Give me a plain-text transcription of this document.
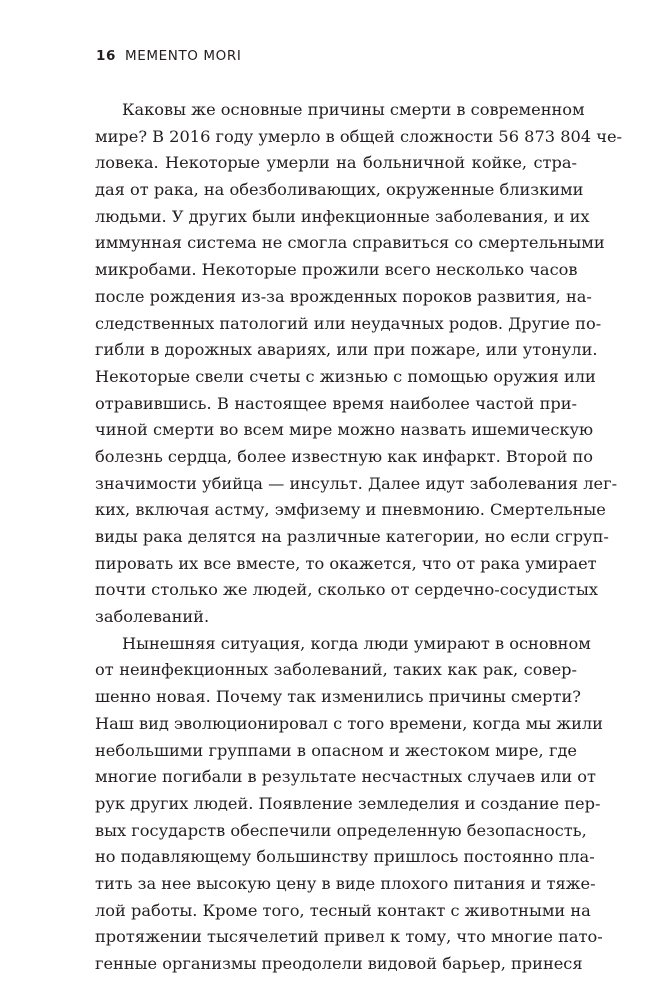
16 MEMENTO MORI
Каковы же основные причины смерти в современном
мире? В 2016 году умерло в общей сложности 56 873 804 че-
ловека. Некоторые умерли на больничной койке, стра-
дая от рака, на обезболивающих, окруженные близкими
людьми. У других были инфекционные заболевания, и их
иммунная система не смогла справиться со смертельными
микробами. Некоторые прожили всего несколько часов
после рождения из-за врожденных пороков развития, на-
следственных патологий или неудачных родов. Другие по-
гибли в дорожных авариях, или при пожаре, или утонули.
Некоторые свели счеты с жизнью с помощью оружия или
отравившись. В настоящее время наиболее частой при-
чиной смерти во всем мире можно назвать ишемическую
болезнь сердца, более известную как инфаркт. Второй по
значимости убийца — инсульт. Далее идут заболевания лег-
ких, включая астму, эмфизему и пневмонию. Смертельные
виды рака делятся на различные категории, но если сгруп-
пировать их все вместе, то окажется, что от рака умирает
почти столько же людей, сколько от сердечно-сосудистых
заболеваний.
Нынешняя ситуация, когда люди умирают в основном
от неинфекционных заболеваний, таких как рак, совер-
шенно новая. Почему так изменились причины смерти?
Наш вид эволюционировал с того времени, когда мы жили
небольшими группами в опасном и жестоком мире, где
многие погибали в результате несчастных случаев или от
рук других людей. Появление земледелия и создание пер-
вых государств обеспечили определенную безопасность,
но подавляющему большинству пришлось постоянно пла-
тить за нее высокую цену в виде плохого питания и тяже-
лой работы. Кроме того, тесный контакт с животными на
протяжении тысячелетий привел к тому, что многие пато-
генные организмы преодолели видовой барьер, принеся
